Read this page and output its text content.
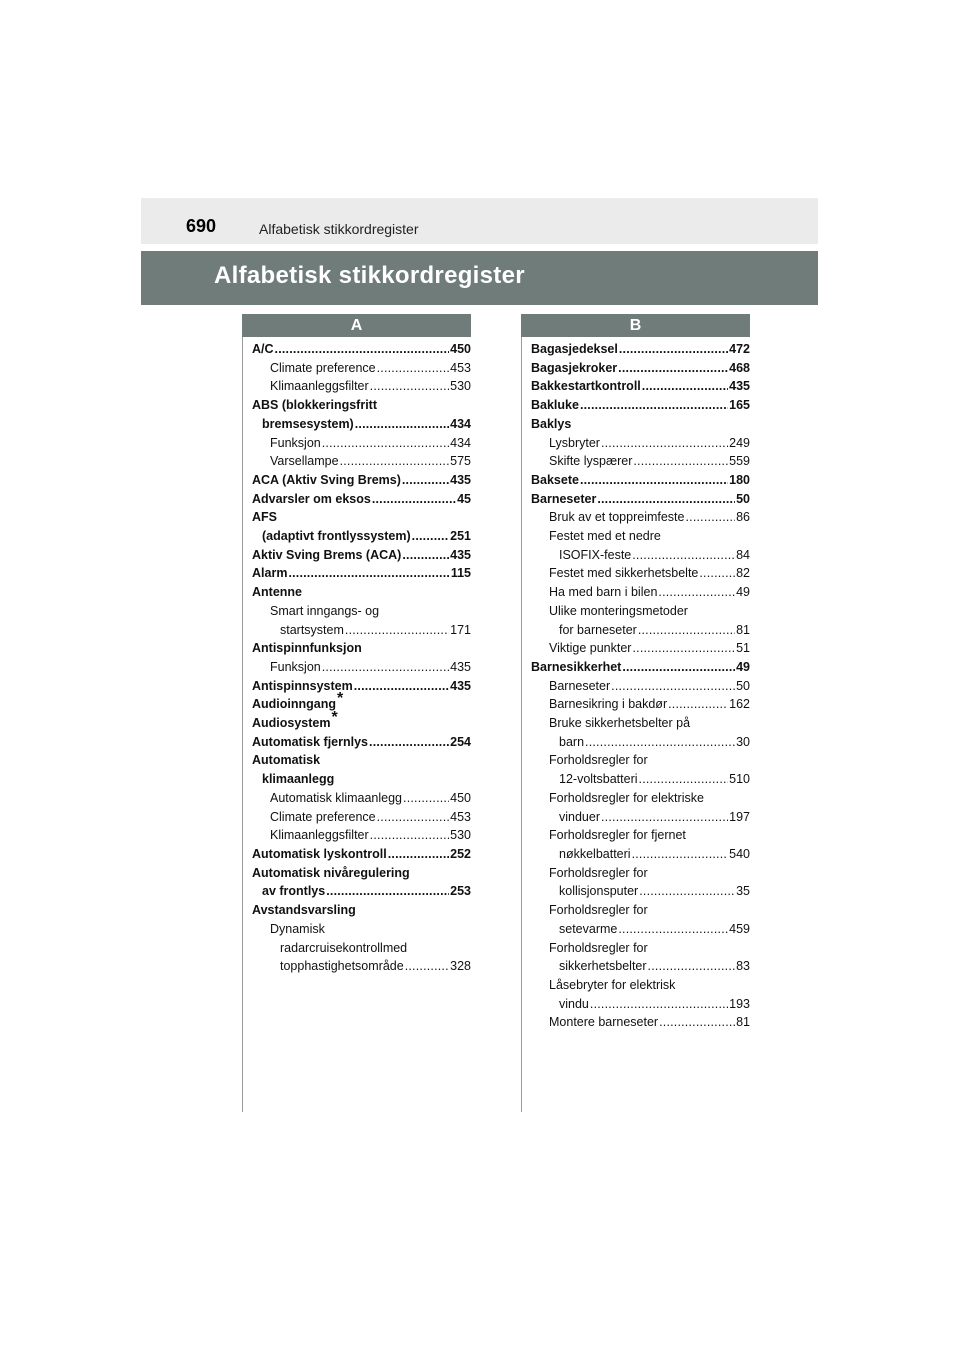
690	Alfabetisk stikkordregister
Alfabetisk stikkordregister
A	B
A/C .....	450
Climate preference .....	453
Klimaanleggsfilter .....	530
ABS (blokkeringsfritt
bremsesystem) .....	434
Funksjon .....	434
Varsellampe .....	575
ACA (Aktiv Sving Brems) .....	435
Advarsler om eksos .....	45
AFS
(adaptivt frontlyssystem) .....	251
Aktiv Sving Brems (ACA) .....	435
Alarm .....	115
Antenne
Smart inngangs- og
startsystem .....	171
Antispinnfunksjon
Funksjon .....	435
Antispinnsystem .....	435
Audioinngang *
Audiosystem *
Automatisk fjernlys .....	254
Automatisk
klimaanlegg
Automatisk klimaanlegg .....	450
Climate preference .....	453
Klimaanleggsfilter .....	530
Automatisk lyskontroll .....	252
Automatisk nivåregulering
av frontlys .....	253
Avstandsvarsling
Dynamisk
radarcruisekontrollmed
topphastighetsområde .....	328
Bagasjedeksel .....	472
Bagasjekroker .....	468
Bakkestartkontroll .....	435
Bakluke .....	165
Baklys
Lysbryter .....	249
Skifte lyspærer .....	559
Baksete .....	180
Barneseter .....	50
Bruk av et toppreimfeste .....	86
Festet med et nedre
ISOFIX-feste .....	84
Festet med sikkerhetsbelte .....	82
Ha med barn i bilen .....	49
Ulike monteringsmetoder
for barneseter .....	81
Viktige punkter .....	51
Barnesikkerhet .....	49
Barneseter .....	50
Barnesikring i bakdør .....	162
Bruke sikkerhetsbelter på
barn .....	30
Forholdsregler for
12-voltsbatteri .....	510
Forholdsregler for elektriske
vinduer .....	197
Forholdsregler for fjernet
nøkkelbatteri .....	540
Forholdsregler for
kollisjonsputer .....	35
Forholdsregler for
setevarme .....	459
Forholdsregler for
sikkerhetsbelter .....	83
Låsebryter for elektrisk
vindu .....	193
Montere barneseter .....	81
